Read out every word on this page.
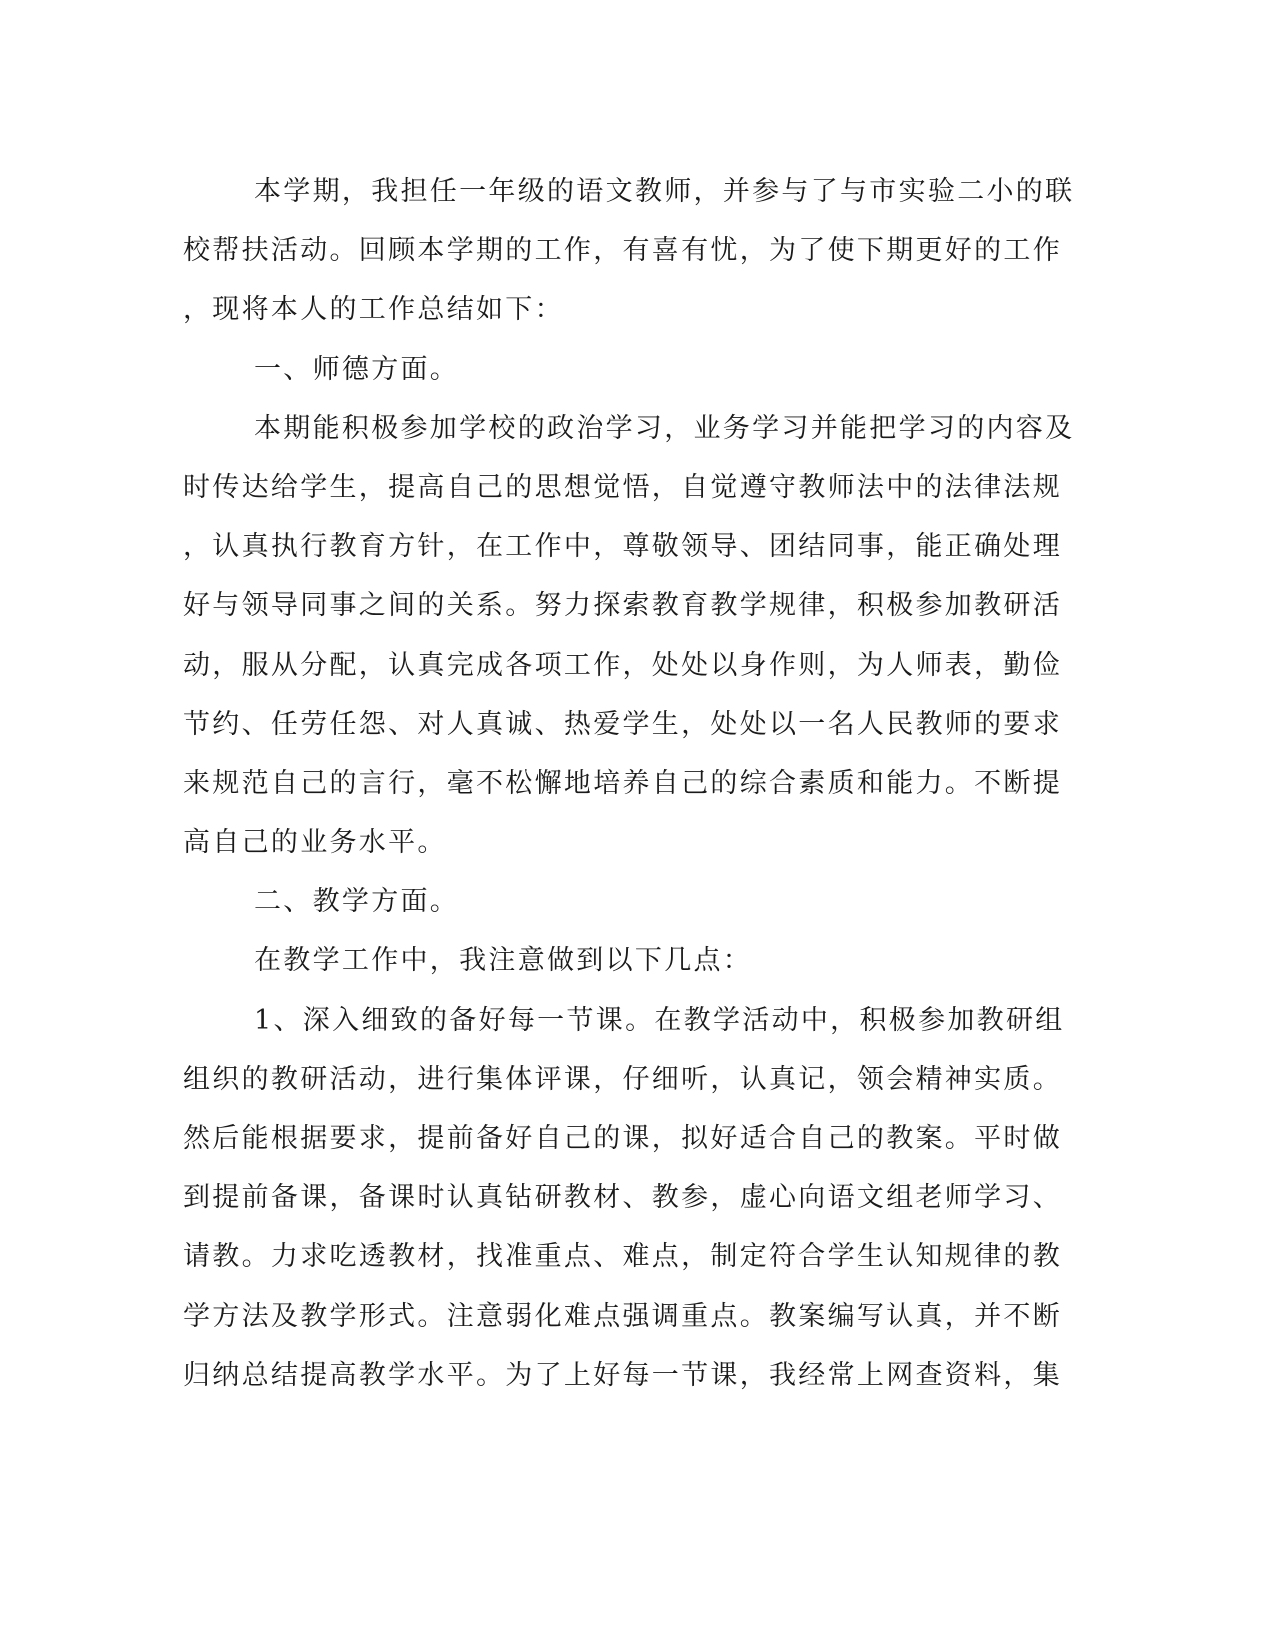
本学期，我担任一年级的语文教师，并参与了与市实验二小的联
校帮扶活动。回顾本学期的工作，有喜有忧，为了使下期更好的工作
，现将本人的工作总结如下：
一、师德方面。
本期能积极参加学校的政治学习，业务学习并能把学习的内容及
时传达给学生，提高自己的思想觉悟，自觉遵守教师法中的法律法规
，认真执行教育方针，在工作中，尊敬领导、团结同事，能正确处理
好与领导同事之间的关系。努力探索教育教学规律，积极参加教研活
动，服从分配，认真完成各项工作，处处以身作则，为人师表，勤俭
节约、任劳任怨、对人真诚、热爱学生，处处以一名人民教师的要求
来规范自己的言行，毫不松懈地培养自己的综合素质和能力。不断提
高自己的业务水平。
二、教学方面。
在教学工作中，我注意做到以下几点：
1、深入细致的备好每一节课。在教学活动中，积极参加教研组
组织的教研活动，进行集体评课，仔细听，认真记，领会精神实质。
然后能根据要求，提前备好自己的课，拟好适合自己的教案。平时做
到提前备课，备课时认真钻研教材、教参，虚心向语文组老师学习、
请教。力求吃透教材，找准重点、难点，制定符合学生认知规律的教
学方法及教学形式。注意弱化难点强调重点。教案编写认真，并不断
归纳总结提高教学水平。为了上好每一节课，我经常上网查资料，集
